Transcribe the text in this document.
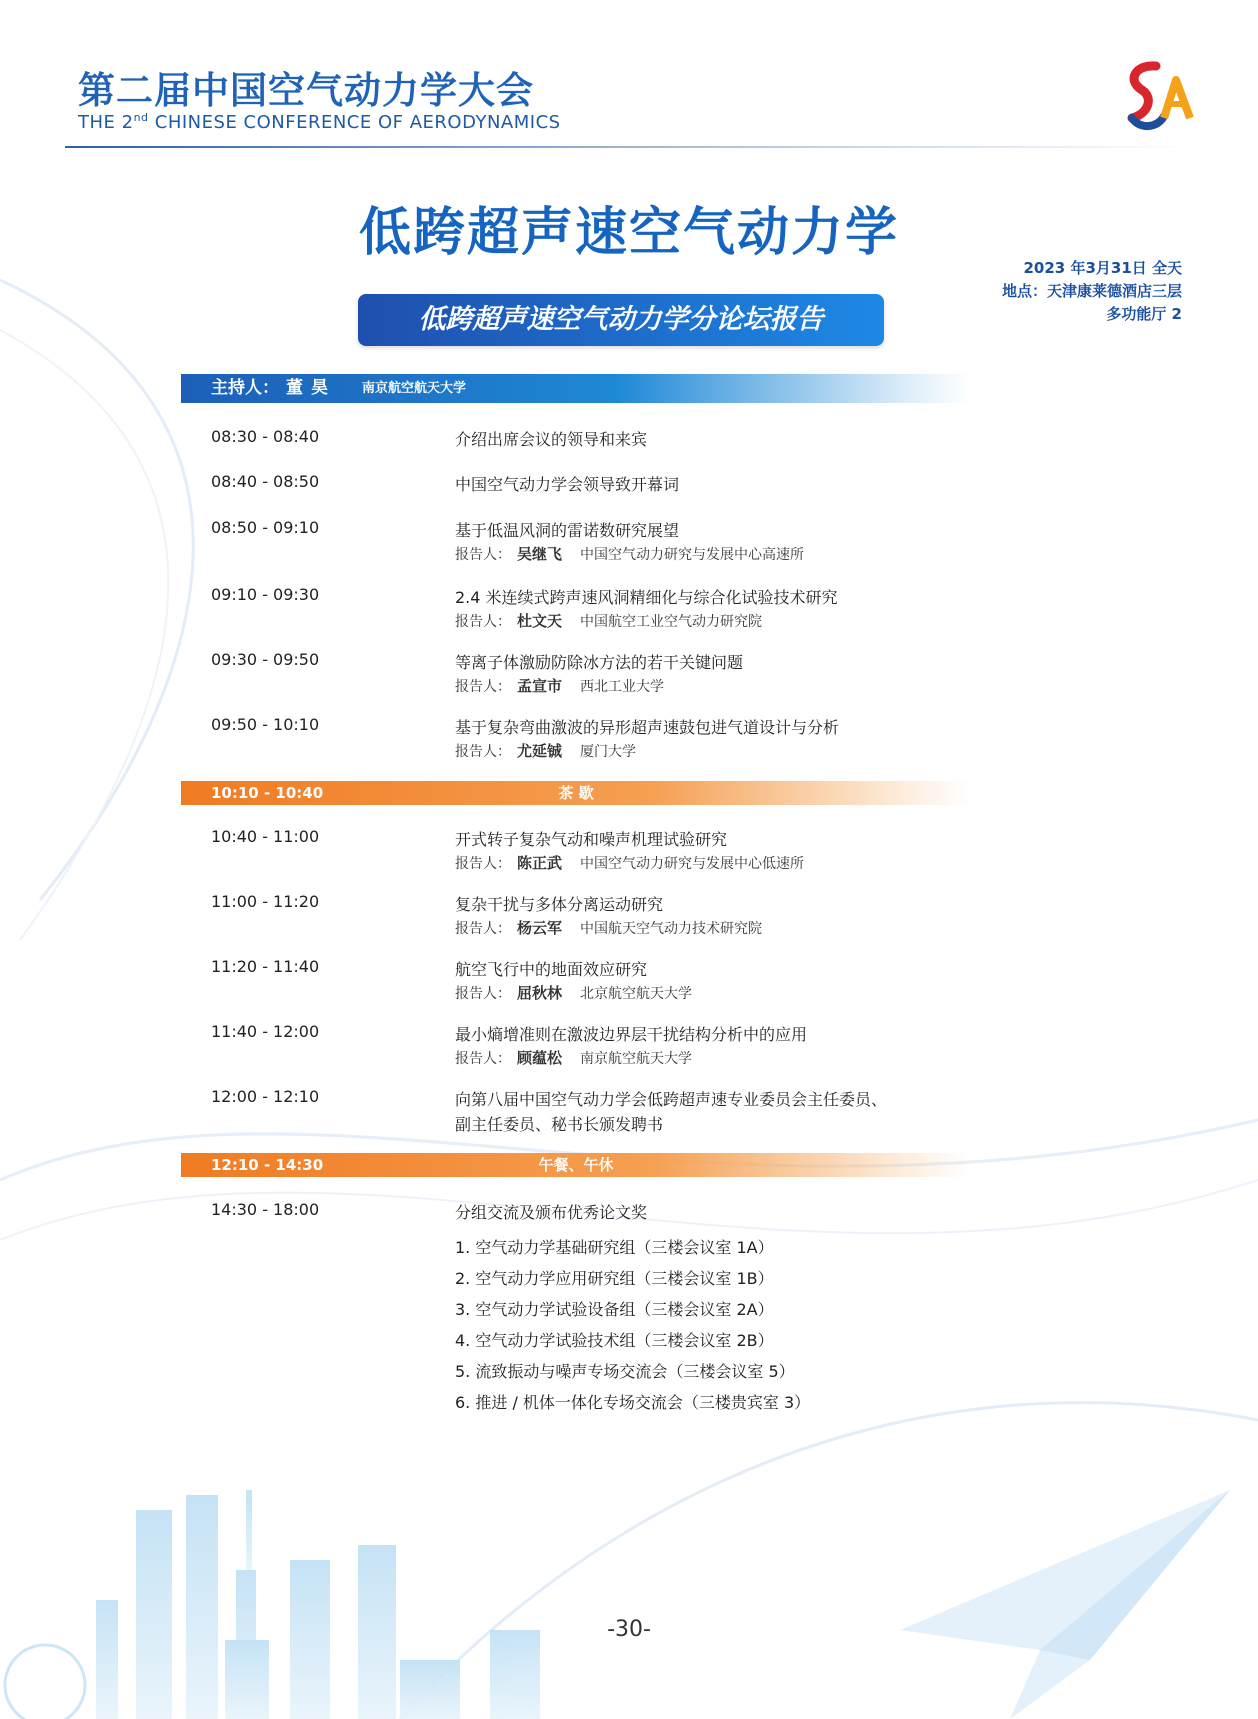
第二届中国空气动力学大会
THE 2nd CHINESE CONFERENCE OF AERODYNAMICS
低跨超声速空气动力学
低跨超声速空气动力学分论坛报告
2023 年3月31日 全天
地点：天津康莱德酒店三层
多功能厅 2
主持人： 董昊 南京航空航天大学
08:30 - 08:40	介绍出席会议的领导和来宾
08:40 - 08:50	中国空气动力学会领导致开幕词
08:50 - 09:10	基于低温风洞的雷诺数研究展望
报告人： 吴继飞 中国空气动力研究与发展中心高速所
09:10 - 09:30	2.4 米连续式跨声速风洞精细化与综合化试验技术研究
报告人： 杜文天 中国航空工业空气动力研究院
09:30 - 09:50	等离子体激励防除冰方法的若干关键问题
报告人： 孟宣市 西北工业大学
09:50 - 10:10	基于复杂弯曲激波的异形超声速鼓包进气道设计与分析
报告人： 尤延铖 厦门大学
10:10 - 10:40	茶 歇
10:40 - 11:00	开式转子复杂气动和噪声机理试验研究
报告人： 陈正武 中国空气动力研究与发展中心低速所
11:00 - 11:20	复杂干扰与多体分离运动研究
报告人： 杨云军 中国航天空气动力技术研究院
11:20 - 11:40	航空飞行中的地面效应研究
报告人： 屈秋林 北京航空航天大学
11:40 - 12:00	最小熵增准则在激波边界层干扰结构分析中的应用
报告人： 顾蕴松 南京航空航天大学
12:00 - 12:10	向第八届中国空气动力学会低跨超声速专业委员会主任委员、
副主任委员、秘书长颁发聘书
12:10 - 14:30	午餐、午休
14:30 - 18:00	分组交流及颁布优秀论文奖
1. 空气动力学基础研究组（三楼会议室 1A）
2. 空气动力学应用研究组（三楼会议室 1B）
3. 空气动力学试验设备组（三楼会议室 2A）
4. 空气动力学试验技术组（三楼会议室 2B）
5. 流致振动与噪声专场交流会（三楼会议室 5）
6. 推进 / 机体一体化专场交流会（三楼贵宾室 3）
-30-
